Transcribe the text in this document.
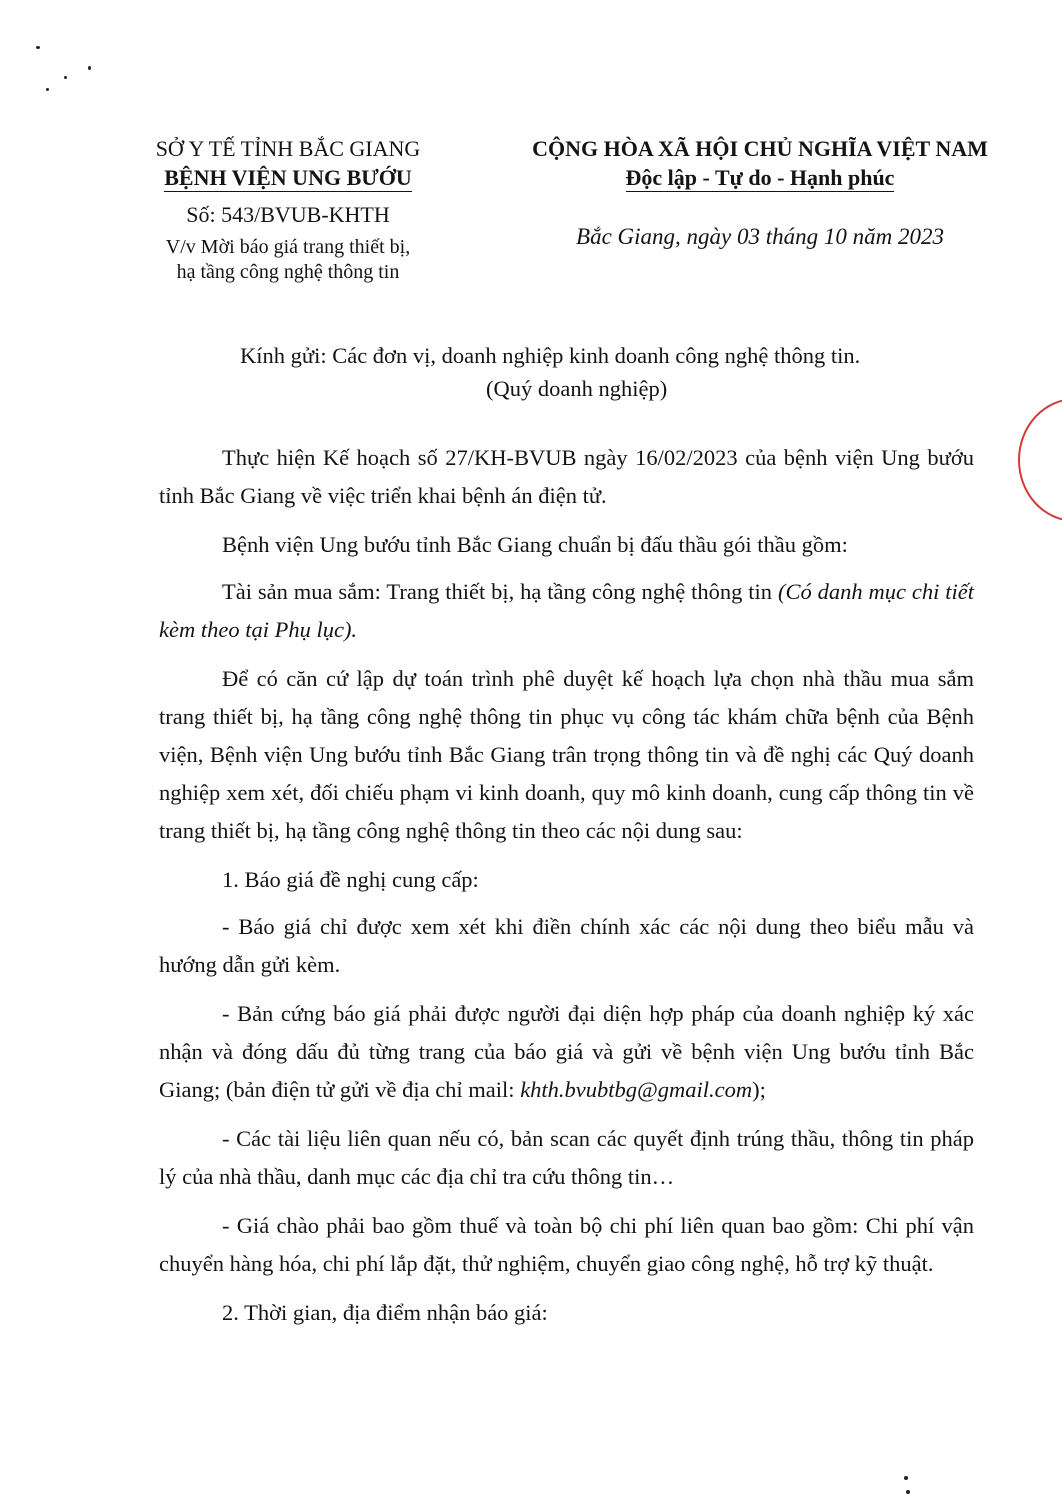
SỞ Y TẾ TỈNH BẮC GIANG
BỆNH VIỆN UNG BƯỚU
Số: 543/BVUB-KHTH
V/v Mời báo giá trang thiết bị,
hạ tầng công nghệ thông tin
CỘNG HÒA XÃ HỘI CHỦ NGHĨA VIỆT NAM
Độc lập - Tự do - Hạnh phúc
Bắc Giang, ngày 03 tháng 10 năm 2023
Kính gửi: Các đơn vị, doanh nghiệp kinh doanh công nghệ thông tin.
(Quý doanh nghiệp)

Thực hiện Kế hoạch số 27/KH-BVUB ngày 16/02/2023 của bệnh viện Ung bướu tỉnh Bắc Giang về việc triển khai bệnh án điện tử.

Bệnh viện Ung bướu tỉnh Bắc Giang chuẩn bị đấu thầu gói thầu gồm:

Tài sản mua sắm: Trang thiết bị, hạ tầng công nghệ thông tin (Có danh mục chi tiết kèm theo tại Phụ lục).

Để có căn cứ lập dự toán trình phê duyệt kế hoạch lựa chọn nhà thầu mua sắm trang thiết bị, hạ tầng công nghệ thông tin phục vụ công tác khám chữa bệnh của Bệnh viện, Bệnh viện Ung bướu tỉnh Bắc Giang trân trọng thông tin và đề nghị các Quý doanh nghiệp xem xét, đối chiếu phạm vi kinh doanh, quy mô kinh doanh, cung cấp thông tin về trang thiết bị, hạ tầng công nghệ thông tin theo các nội dung sau:

1. Báo giá đề nghị cung cấp:

- Báo giá chỉ được xem xét khi điền chính xác các nội dung theo biểu mẫu và hướng dẫn gửi kèm.

- Bản cứng báo giá phải được người đại diện hợp pháp của doanh nghiệp ký xác nhận và đóng dấu đủ từng trang của báo giá và gửi về bệnh viện Ung bướu tỉnh Bắc Giang; (bản điện tử gửi về địa chỉ mail: khth.bvubtbg@gmail.com);

- Các tài liệu liên quan nếu có, bản scan các quyết định trúng thầu, thông tin pháp lý của nhà thầu, danh mục các địa chỉ tra cứu thông tin…

- Giá chào phải bao gồm thuế và toàn bộ chi phí liên quan bao gồm: Chi phí vận chuyển hàng hóa, chi phí lắp đặt, thử nghiệm, chuyển giao công nghệ, hỗ trợ kỹ thuật.

2. Thời gian, địa điểm nhận báo giá:
